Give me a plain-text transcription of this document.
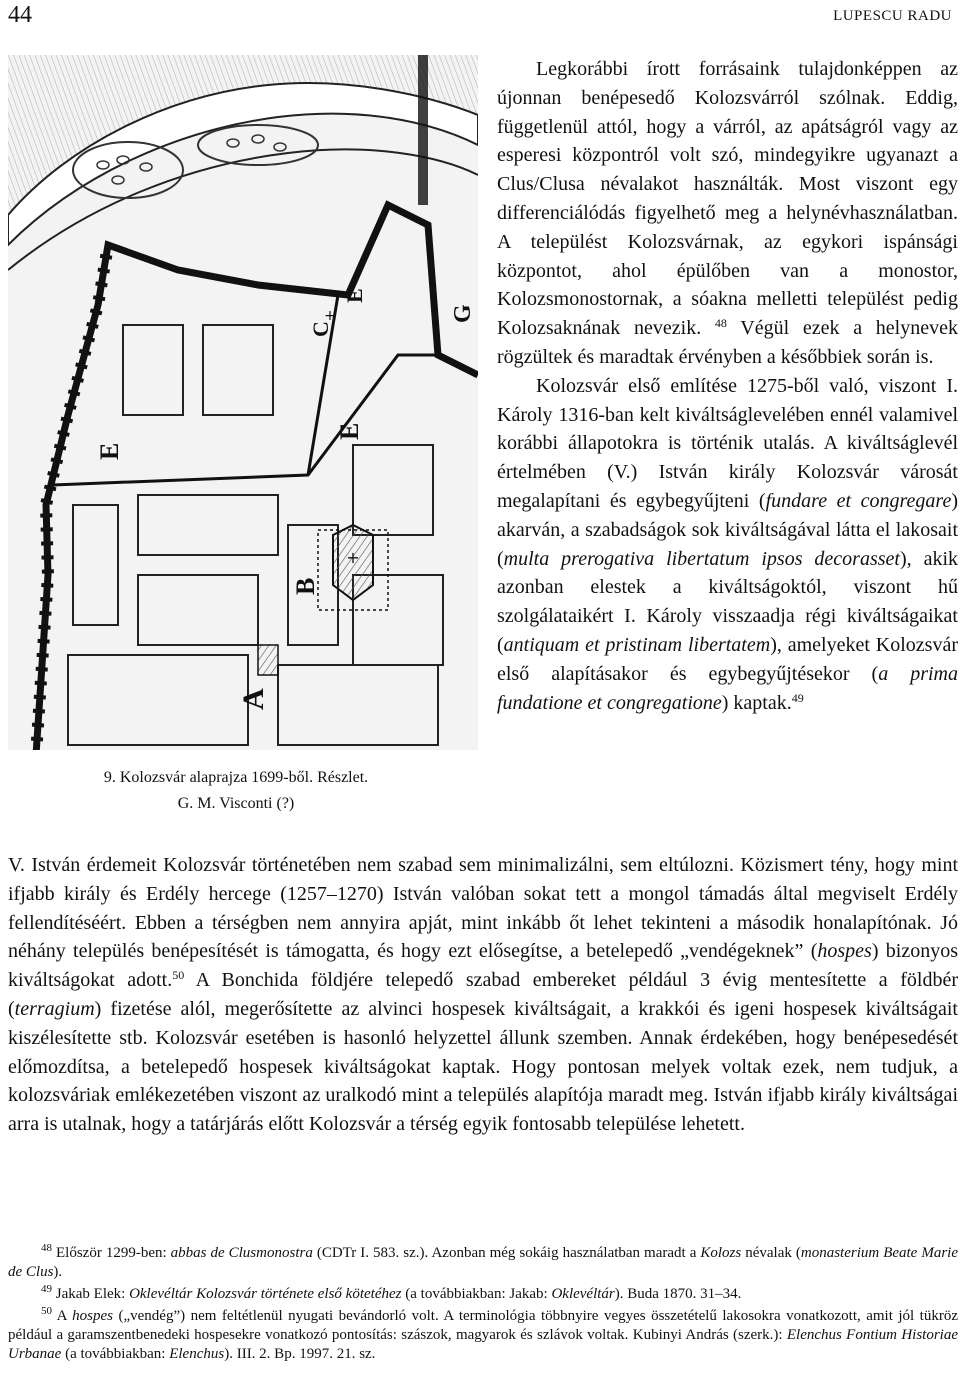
44	LUPESCU RADU
+
+
C
G
E
E
E
B
A
9. Kolozsvár alaprajza 1699-ből. Részlet.
G. M. Visconti (?)

Legkorábbi írott forrásaink tulajdonképpen az újonnan benépesedő Kolozsvárról szólnak. Eddig, függetlenül attól, hogy a várról, az apátságról vagy az esperesi központról volt szó, mindegyikre ugyanazt a Clus/Clusa névalakot használták. Most viszont egy differenciálódás figyelhető meg a helynévhasználatban. A települést Kolozsvárnak, az egykori ispánsági központot, ahol épülőben van a monostor, Kolozsmonostornak, a sóakna melletti települést pedig Kolozsaknának nevezik. $^{48}$ Végül ezek a helynevek rögzültek és maradtak érvényben a későbbiek során is.

Kolozsvár első említése 1275-ből való, viszont I. Károly 1316-ban kelt kiváltságlevelében ennél valamivel korábbi állapotokra is történik utalás. A kiváltságlevél értelmében (V.) István király Kolozsvár városát megalapítani és egybegyűjteni (fundare et congregare) akarván, a szabadságok sok kiváltságával látta el lakosait (multa prerogativa libertatum ipsos decorasset), akik azonban elestek a kiváltságoktól, viszont hű szolgálataikért I. Károly visszaadja régi kiváltságaikat (antiquam et pristinam libertatem), amelyeket Kolozsvár első alapításakor és egybegyűjtésekor (a prima fundatione et congregatione) kaptak.$^{49}$

V. István érdemeit Kolozsvár történetében nem szabad sem minimalizálni, sem eltúlozni. Közismert tény, hogy mint ifjabb király és Erdély hercege (1257–1270) István valóban sokat tett a mongol támadás által megviselt Erdély fellendítéséért. Ebben a térségben nem annyira apját, mint inkább őt lehet tekinteni a második honalapítónak. Jó néhány település benépesítését is támogatta, és hogy ezt elősegítse, a betelepedő „vendégeknek” (hospes) bizonyos kiváltságokat adott.$^{50}$ A Bonchida földjére telepedő szabad embereket például 3 évig mentesítette a földbér (terragium) fizetése alól, megerősítette az alvinci hospesek kiváltságait, a krakkói és igeni hospesek kiváltságait kiszélesítette stb. Kolozsvár esetében is hasonló helyzettel állunk szemben. Annak érdekében, hogy benépesedését előmozdítsa, a betelepedő hospesek kiváltságokat kaptak. Hogy pontosan melyek voltak ezek, nem tudjuk, a kolozsváriak emlékezetében viszont az uralkodó mint a település alapítója maradt meg. István ifjabb király kiváltságai arra is utalnak, hogy a tatárjárás előtt Kolozsvár a térség egyik fontosabb települése lehetett.

$^{48}$ Először 1299-ben: abbas de Clusmonostra (CDTr I. 583. sz.). Azonban még sokáig használatban maradt a Kolozs névalak (monasterium Beate Marie de Clus).

$^{49}$ Jakab Elek: Oklevéltár Kolozsvár története első kötetéhez (a továbbiakban: Jakab: Oklevéltár). Buda 1870. 31–34.

$^{50}$ A hospes („vendég”) nem feltétlenül nyugati bevándorló volt. A terminológia többnyire vegyes összetételű lakosokra vonatkozott, amit jól tükröz például a garamszentbenedeki hospesekre vonatkozó pontosítás: szászok, magyarok és szlávok voltak. Kubinyi András (szerk.): Elenchus Fontium Historiae Urbanae (a továbbiakban: Elenchus). III. 2. Bp. 1997. 21. sz.
